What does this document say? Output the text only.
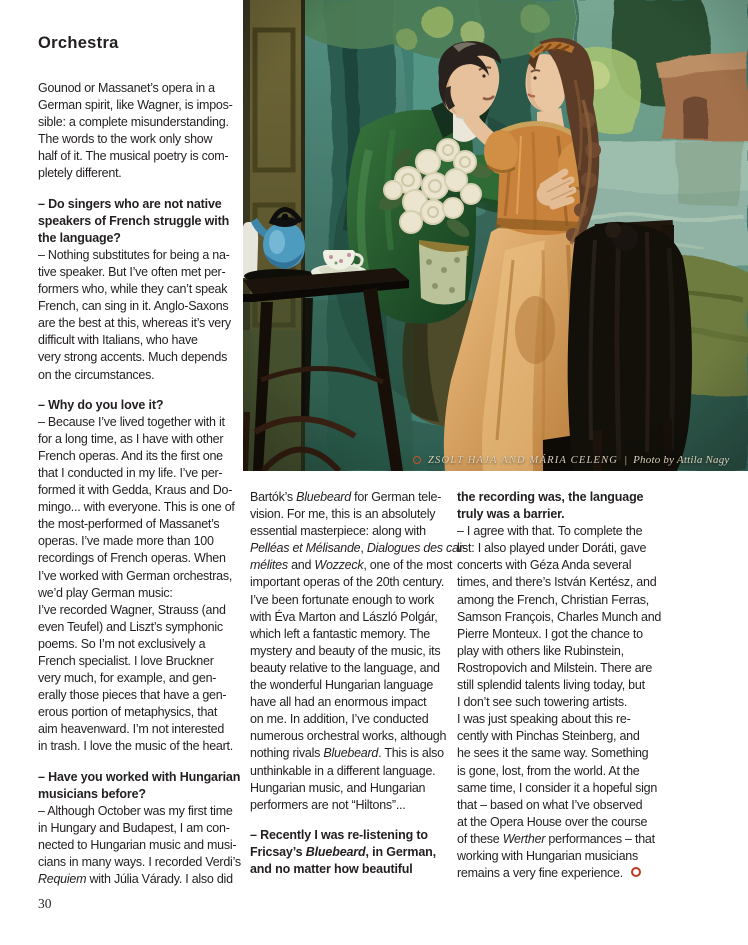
Orchestra
ZSOLT HAJA AND MÁRIA CELENG | Photo by Attila Nagy

Gounod or Massanet’s opera in a
German spirit, like Wagner, is impos-
sible: a complete misunderstanding.
The words to the work only show
half of it. The musical poetry is com-
pletely different.

– Do singers who are not native
speakers of French struggle with
the language?

– Nothing substitutes for being a na-
tive speaker. But I’ve often met per-
formers who, while they can’t speak
French, can sing in it. Anglo-Saxons
are the best at this, whereas it’s very
difficult with Italians, who have
very strong accents. Much depends
on the circumstances.

– Why do you love it?

– Because I’ve lived together with it
for a long time, as I have with other
French operas. And its the first one
that I conducted in my life. I’ve per-
formed it with Gedda, Kraus and Do-
mingo... with everyone. This is one of
the most-performed of Massanet’s
operas. I’ve made more than 100
recordings of French operas. When
I’ve worked with German orchestras,
we’d play German music:
I’ve recorded Wagner, Strauss (and
even Teufel) and Liszt’s symphonic
poems. So I’m not exclusively a
French specialist. I love Bruckner
very much, for example, and gen-
erally those pieces that have a gen-
erous portion of metaphysics, that
aim heavenward. I’m not interested
in trash. I love the music of the heart.

– Have you worked with Hungarian
musicians before?

– Although October was my first time
in Hungary and Budapest, I am con-
nected to Hungarian music and musi-
cians in many ways. I recorded Verdi’s
Requiem with Júlia Várady. I also did

Bartók’s Bluebeard for German tele-
vision. For me, this is an absolutely
essential masterpiece: along with
Pelléas et Mélisande, Dialogues des car-
mélites and Wozzeck, one of the most
important operas of the 20th century.
I’ve been fortunate enough to work
with Éva Marton and László Polgár,
which left a fantastic memory. The
mystery and beauty of the music, its
beauty relative to the language, and
the wonderful Hungarian language
have all had an enormous impact
on me. In addition, I’ve conducted
numerous orchestral works, although
nothing rivals Bluebeard. This is also
unthinkable in a different language.
Hungarian music, and Hungarian
performers are not “Hiltons”...

– Recently I was re-listening to
Fricsay’s Bluebeard, in German,
and no matter how beautiful

the recording was, the language
truly was a barrier.

– I agree with that. To complete the
list: I also played under Doráti, gave
concerts with Géza Anda several
times, and there’s István Kertész, and
among the French, Christian Ferras,
Samson François, Charles Munch and
Pierre Monteux. I got the chance to
play with others like Rubinstein,
Rostropovich and Milstein. There are
still splendid talents living today, but
I don’t see such towering artists.
I was just speaking about this re-
cently with Pinchas Steinberg, and
he sees it the same way. Something
is gone, lost, from the world. At the
same time, I consider it a hopeful sign
that – based on what I’ve observed
at the Opera House over the course
of these Werther performances – that
working with Hungarian musicians
remains a very fine experience.

30
